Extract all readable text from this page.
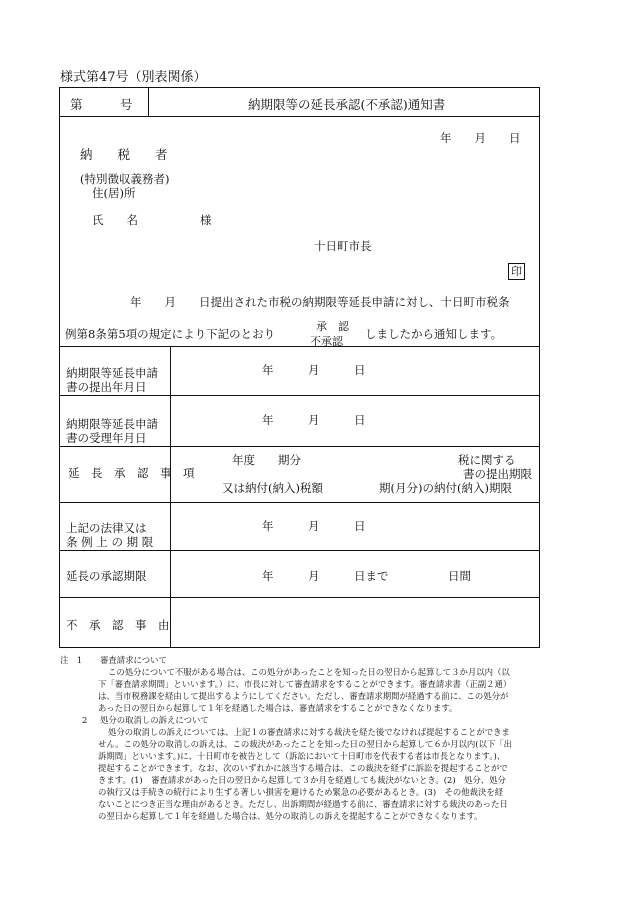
様式第47号（別表関係）
第　　　号	納期限等の延長承認(不承認)通知書
年　　月　　日
納　　税　　者
(特別徴収義務者)
住(居)所
氏　　名	様
十日町市長
印
年　　月　　日提出された市税の納期限等延長申請に対し、十日町市税条
例第8条第5項の規定により下記のとおり
承　認
不承認
しましたから通知します。
納期限等延長申請
書の提出年月日
年　　　月　　　日
納期限等延長申請
書の受理年月日
年　　　月　　　日
延　長　承　認　事　項
年度　　期分	税に関する
書の提出期限
又は納付(納入)税額	期(月分)の納付(納入)期限
上記の法律又は
条 例 上 の 期 限
年　　　月　　　日
延長の承認期限	年　　　月　　　日まで	日間
不　承　認　事　由
注　1 審査請求について
この処分について不服がある場合は、この処分があったことを知った日の翌日から起算して３か月以内（以
下「審査請求期間」といいます。）に、市長に対して審査請求をすることができます。審査請求書（正副２通）
は、当市税務課を経由して提出するようにしてください。ただし、審査請求期間が経過する前に、この処分が
あった日の翌日から起算して１年を経過した場合は、審査請求をすることができなくなります。
2 処分の取消しの訴えについて
処分の取消しの訴えについては、上記１の審査請求に対する裁決を経た後でなければ提起することができま
せん。この処分の取消しの訴えは、この裁決があったことを知った日の翌日から起算して６か月以内(以下「出
訴期間」といいます。)に、十日町市を被告として（訴訟において十日町市を代表する者は市長となります。)、
提起することができます。なお、次のいずれかに該当する場合は、この裁決を経ずに訴訟を提起することがで
きます。(1)　審査請求があった日の翌日から起算して３か月を経過しても裁決がないとき。(2)　処分、処分
の執行又は手続きの続行により生ずる著しい損害を避けるため緊急の必要があるとき。(3)　その他裁決を経
ないことにつき正当な理由があるとき。ただし、出訴期間が経過する前に、審査請求に対する裁決のあった日
の翌日から起算して１年を経過した場合は、処分の取消しの訴えを提起することができなくなります。
